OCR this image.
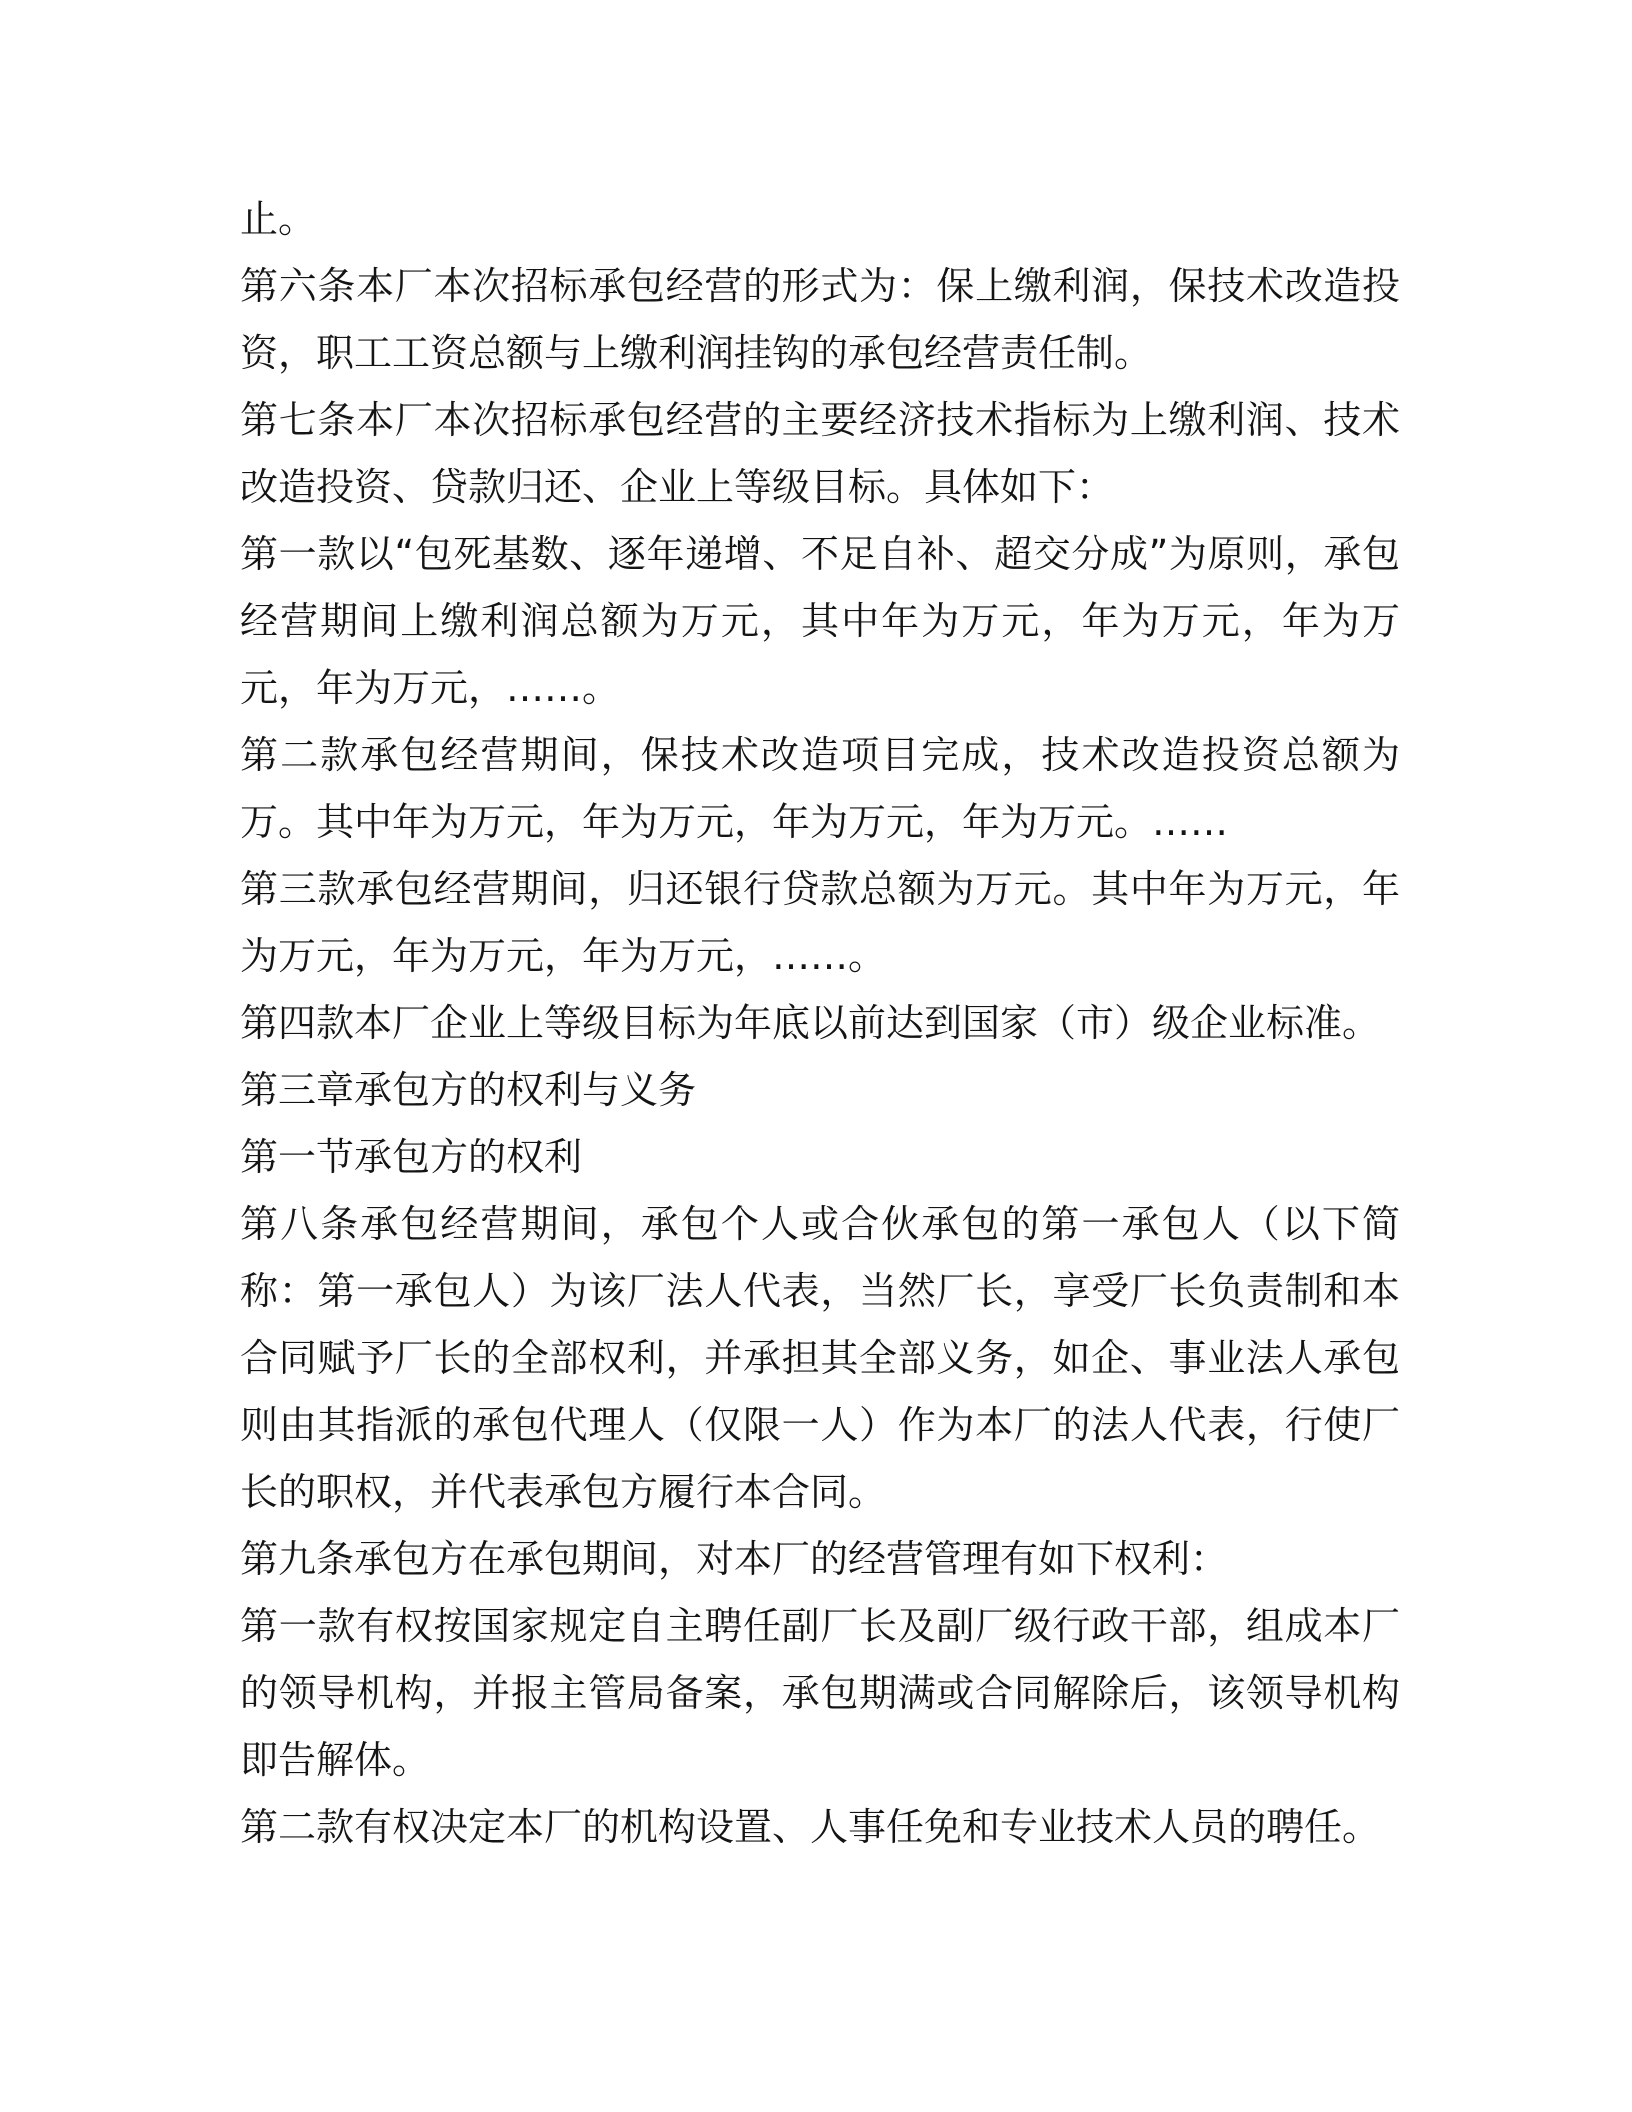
止。

第六条本厂本次招标承包经营的形式为：保上缴利润，保技术改造投资，职工工资总额与上缴利润挂钩的承包经营责任制。

第七条本厂本次招标承包经营的主要经济技术指标为上缴利润、技术改造投资、贷款归还、企业上等级目标。具体如下：

第一款以“包死基数、逐年递增、不足自补、超交分成”为原则，承包经营期间上缴利润总额为万元，其中年为万元，年为万元，年为万元，年为万元，……。

第二款承包经营期间，保技术改造项目完成，技术改造投资总额为万。其中年为万元，年为万元，年为万元，年为万元。……

第三款承包经营期间，归还银行贷款总额为万元。其中年为万元，年为万元，年为万元，年为万元，……。

第四款本厂企业上等级目标为年底以前达到国家（市）级企业标准。

第三章承包方的权利与义务

第一节承包方的权利

第八条承包经营期间，承包个人或合伙承包的第一承包人（以下简称：第一承包人）为该厂法人代表，当然厂长，享受厂长负责制和本合同赋予厂长的全部权利，并承担其全部义务，如企、事业法人承包则由其指派的承包代理人（仅限一人）作为本厂的法人代表，行使厂长的职权，并代表承包方履行本合同。

第九条承包方在承包期间，对本厂的经营管理有如下权利：

第一款有权按国家规定自主聘任副厂长及副厂级行政干部，组成本厂的领导机构，并报主管局备案，承包期满或合同解除后，该领导机构即告解体。

第二款有权决定本厂的机构设置、人事任免和专业技术人员的聘任。
